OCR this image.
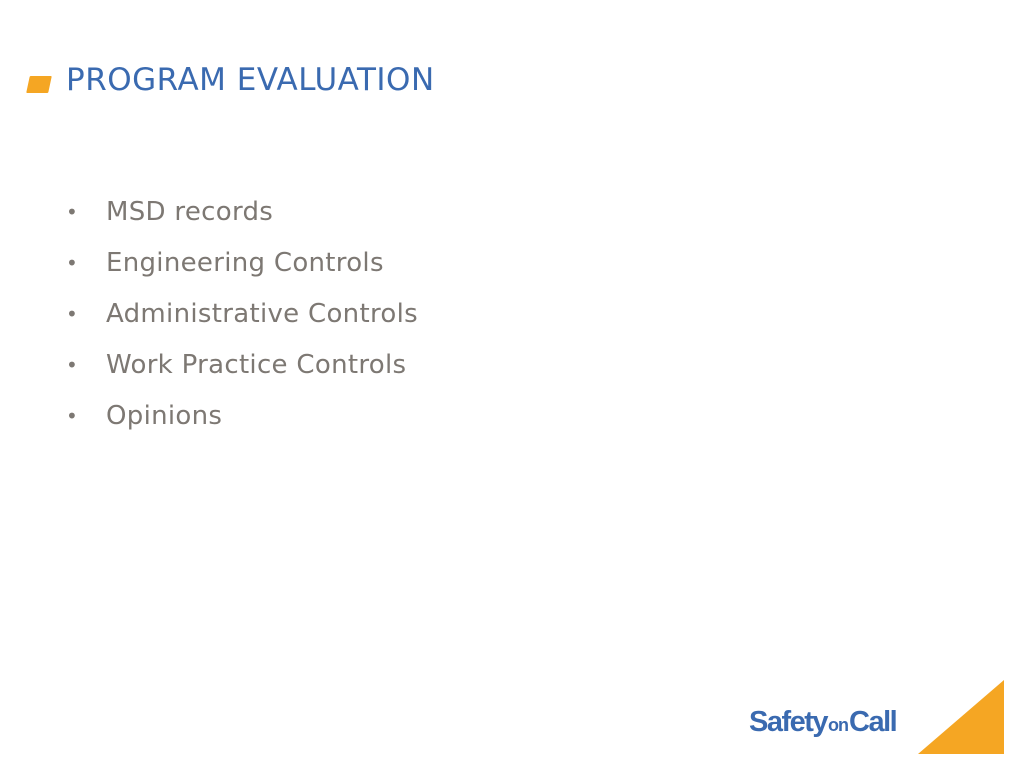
PROGRAM EVALUATION
•	MSD records
•	Engineering Controls
•	Administrative Controls
•	Work Practice Controls
•	Opinions
Safety on Call
